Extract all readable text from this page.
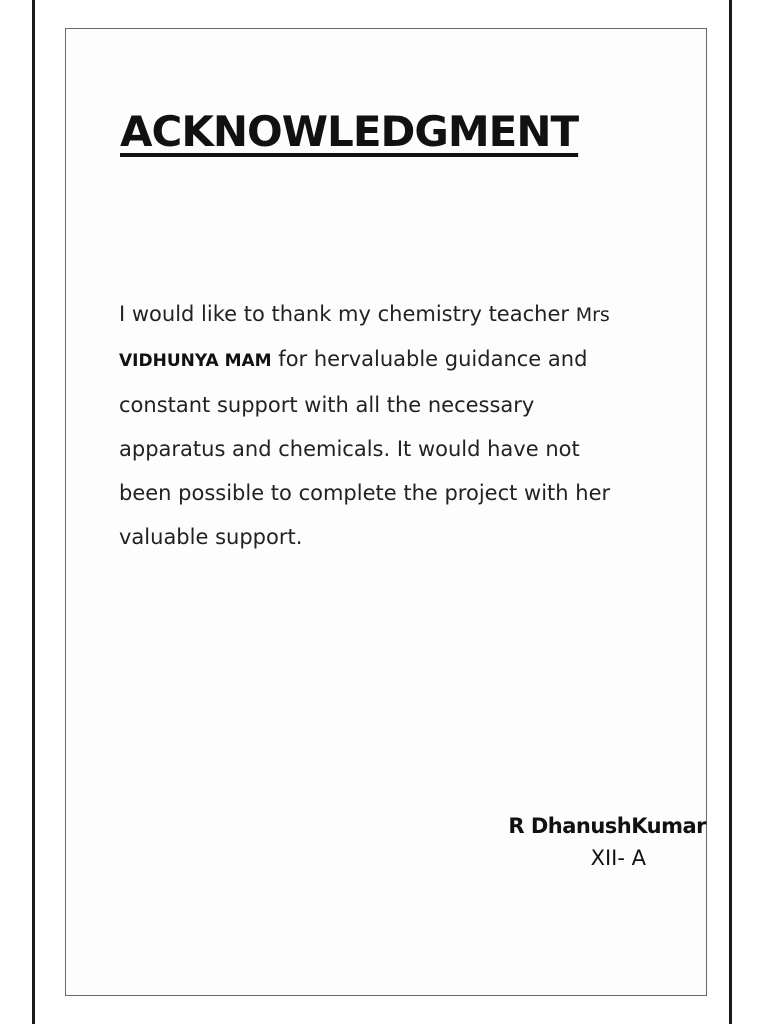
ACKNOWLEDGMENT

I would like to thank my chemistry teacher Mrs
VIDHUNYA MAM for hervaluable guidance and
constant support with all the necessary
apparatus and chemicals. It would have not
been possible to complete the project with her
valuable support.

R DhanushKumar
XII- A
